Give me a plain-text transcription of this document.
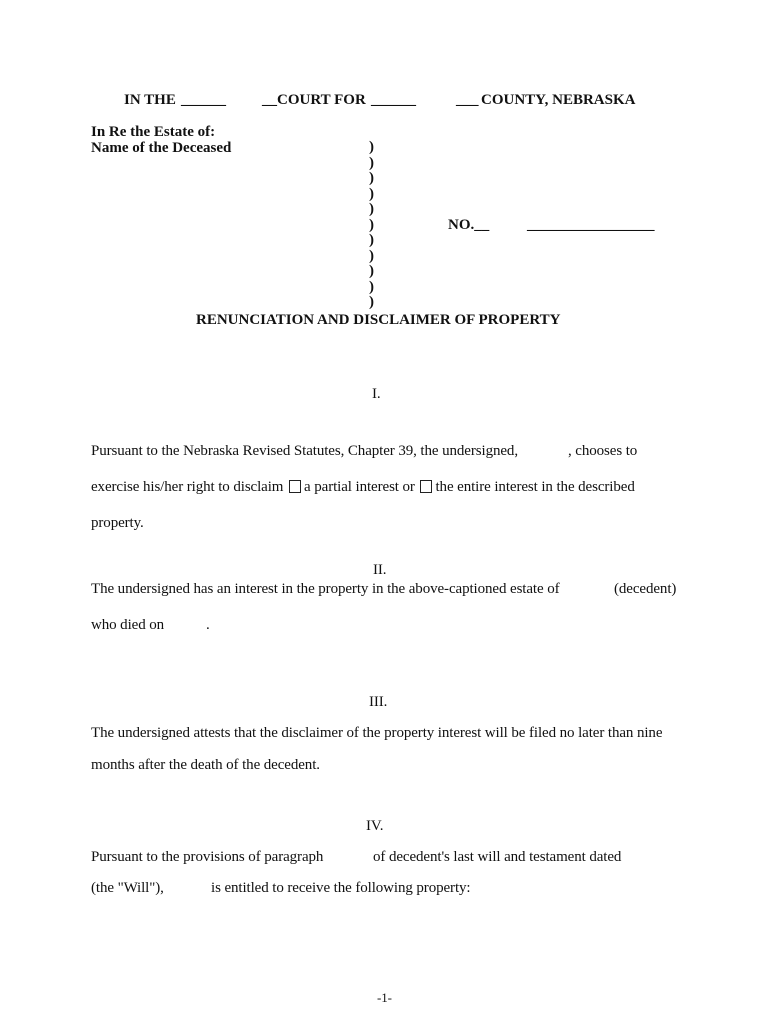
IN THE ______ __COURT FOR ______	___ COUNTY, NEBRASKA
In Re the Estate of:
Name of the Deceased	)
)
)
)
)
)
)
)
)
)
)
NO.__	_________________
RENUNCIATION AND DISCLAIMER OF PROPERTY
I.
Pursuant to the Nebraska Revised Statutes, Chapter 39, the undersigned,	, chooses to
exercise his/her right to disclaim a partial interest or the entire interest in the described
property.
II.
The undersigned has an interest in the property in the above-captioned estate of	(decedent)
who died on	.
III.
The undersigned attests that the disclaimer of the property interest will be filed no later than nine
months after the death of the decedent.
IV.
Pursuant to the provisions of paragraph	of decedent's last will and testament dated
(the "Will"),	is entitled to receive the following property:
-1-
